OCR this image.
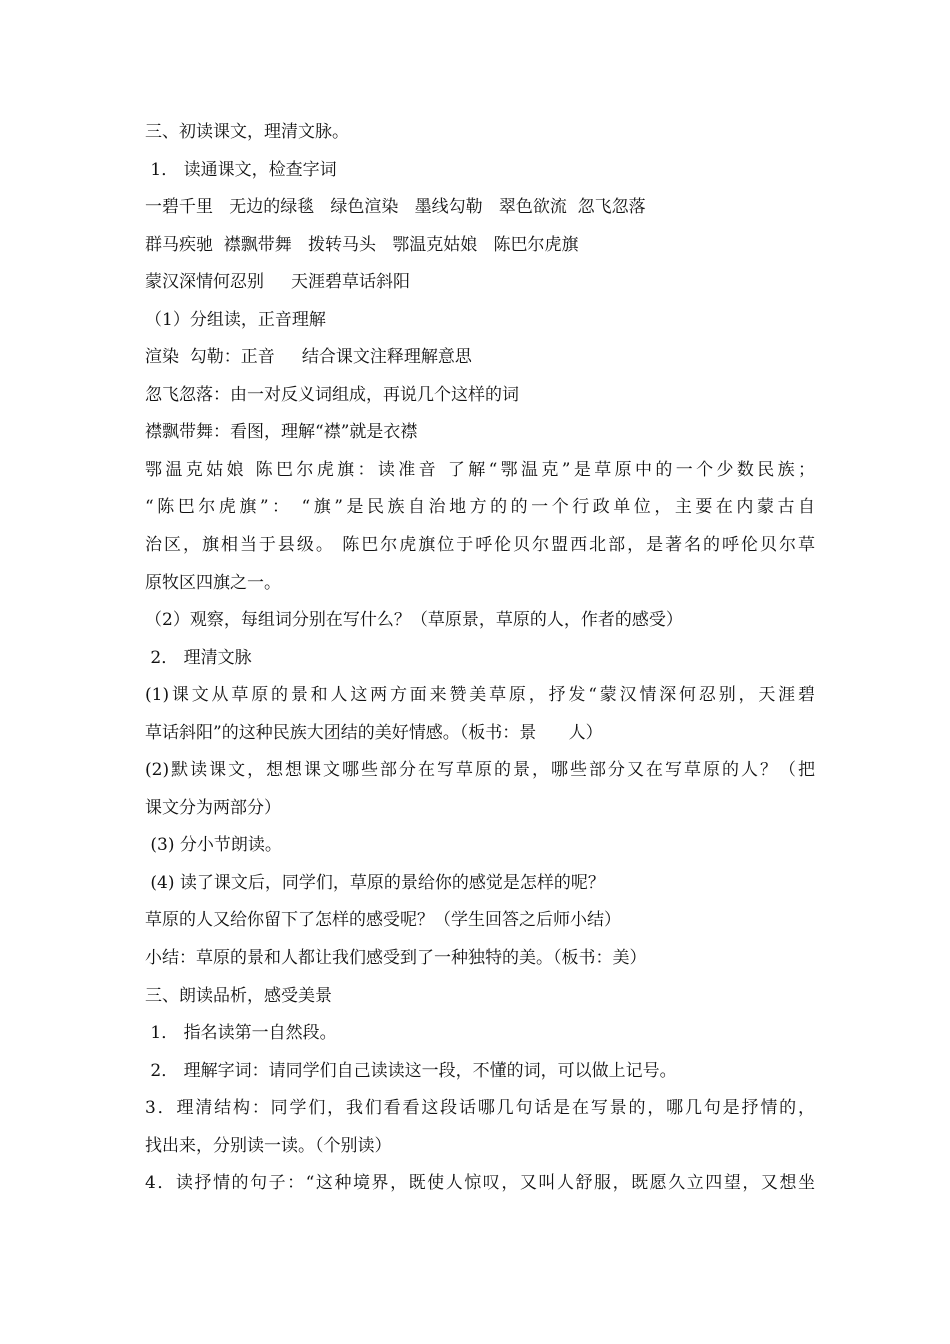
三、初读课文，理清文脉。
1． 读通课文，检查字词
一碧千里   无边的绿毯   绿色渲染   墨线勾勒   翠色欲流  忽飞忽落
群马疾驰  襟飘带舞   拨转马头   鄂温克姑娘   陈巴尔虎旗
蒙汉深情何忍别     天涯碧草话斜阳
（1）分组读，正音理解
渲染  勾勒：正音     结合课文注释理解意思
忽飞忽落：由一对反义词组成，再说几个这样的词
襟飘带舞：看图，理解“襟”就是衣襟
鄂温克姑娘 陈巴尔虎旗：读准音 了解“鄂温克”是草原中的一个少数民族；
“陈巴尔虎旗”： “旗”是民族自治地方的的一个行政单位，主要在内蒙古自
治区，旗相当于县级。 陈巴尔虎旗位于呼伦贝尔盟西北部，是著名的呼伦贝尔草
原牧区四旗之一。
（2）观察，每组词分别在写什么？（草原景，草原的人，作者的感受）
2． 理清文脉
(1)课文从草原的景和人这两方面来赞美草原，抒发“蒙汉情深何忍别，天涯碧
草话斜阳”的这种民族大团结的美好情感。（板书：景      人）
(2)默读课文，想想课文哪些部分在写草原的景，哪些部分又在写草原的人？（把
课文分为两部分）
(3) 分小节朗读。
(4) 读了课文后，同学们，草原的景给你的感觉是怎样的呢？
草原的人又给你留下了怎样的感受呢？（学生回答之后师小结）
小结：草原的景和人都让我们感受到了一种独特的美。（板书：美）
三、朗读品析，感受美景
1． 指名读第一自然段。
2． 理解字词：请同学们自己读读这一段，不懂的词，可以做上记号。
3．理清结构：同学们，我们看看这段话哪几句话是在写景的，哪几句是抒情的，
找出来，分别读一读。（个别读）
4．读抒情的句子：“这种境界，既使人惊叹，又叫人舒服，既愿久立四望，又想坐
